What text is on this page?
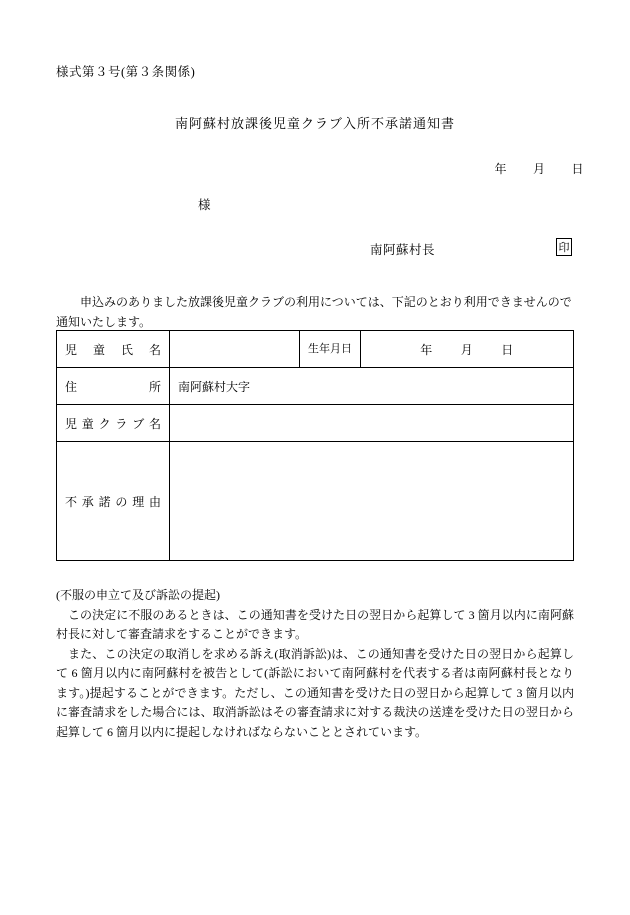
様式第３号(第３条関係)
南阿蘇村放課後児童クラブ入所不承諾通知書
年 月 日
様
南阿蘇村長	印
申込みのありました放課後児童クラブの利用については、下記のとおり利用できませんので通知いたします。
児童氏名		生年月日	年 月 日
住所	南阿蘇村大字		
児童クラブ名			
不承諾の理由			

(不服の申立て及び訴訟の提起)

この決定に不服のあるときは、この通知書を受けた日の翌日から起算して 3 箇月以内に南阿蘇村長に対して審査請求をすることができます。

また、この決定の取消しを求める訴え(取消訴訟)は、この通知書を受けた日の翌日から起算して 6 箇月以内に南阿蘇村を被告として(訴訟において南阿蘇村を代表する者は南阿蘇村長となります。)提起することができます。ただし、この通知書を受けた日の翌日から起算して 3 箇月以内に審査請求をした場合には、取消訴訟はその審査請求に対する裁決の送達を受けた日の翌日から起算して 6 箇月以内に提起しなければならないこととされています。
